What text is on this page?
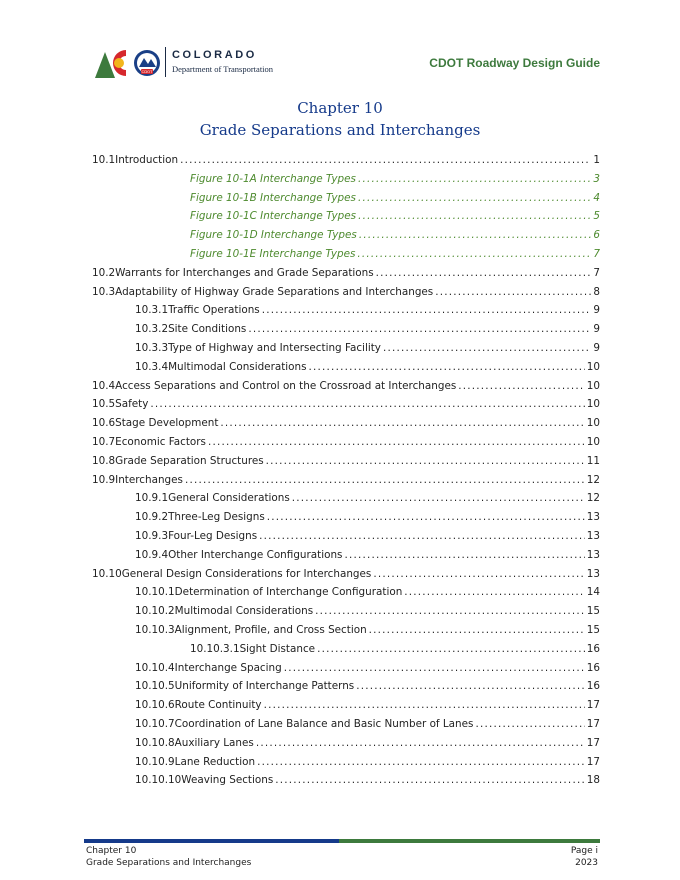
CDOT
COLORADO
Department of Transportation	CDOT Roadway Design Guide
Chapter 10
Grade Separations and Interchanges
10.1 Introduction .....	1
Figure 10-1A Interchange Types .....	3
Figure 10-1B Interchange Types .....	4
Figure 10-1C Interchange Types .....	5
Figure 10-1D Interchange Types .....	6
Figure 10-1E Interchange Types .....	7
10.2 Warrants for Interchanges and Grade Separations .....	7
10.3 Adaptability of Highway Grade Separations and Interchanges .....	8
10.3.1 Traffic Operations .....	9
10.3.2 Site Conditions .....	9
10.3.3 Type of Highway and Intersecting Facility .....	9
10.3.4 Multimodal Considerations .....	10
10.4 Access Separations and Control on the Crossroad at Interchanges .....	10
10.5 Safety .....	10
10.6 Stage Development .....	10
10.7 Economic Factors .....	10
10.8 Grade Separation Structures .....	11
10.9 Interchanges .....	12
10.9.1 General Considerations .....	12
10.9.2 Three-Leg Designs .....	13
10.9.3 Four-Leg Designs .....	13
10.9.4 Other Interchange Configurations .....	13
10.10 General Design Considerations for Interchanges .....	13
10.10.1 Determination of Interchange Configuration .....	14
10.10.2 Multimodal Considerations .....	15
10.10.3 Alignment, Profile, and Cross Section .....	15
10.10.3.1 Sight Distance .....	16
10.10.4 Interchange Spacing .....	16
10.10.5 Uniformity of Interchange Patterns .....	16
10.10.6 Route Continuity .....	17
10.10.7 Coordination of Lane Balance and Basic Number of Lanes .....	17
10.10.8 Auxiliary Lanes .....	17
10.10.9 Lane Reduction .....	17
10.10.10 Weaving Sections .....	18
Chapter 10
Grade Separations and Interchanges
Page i
2023
